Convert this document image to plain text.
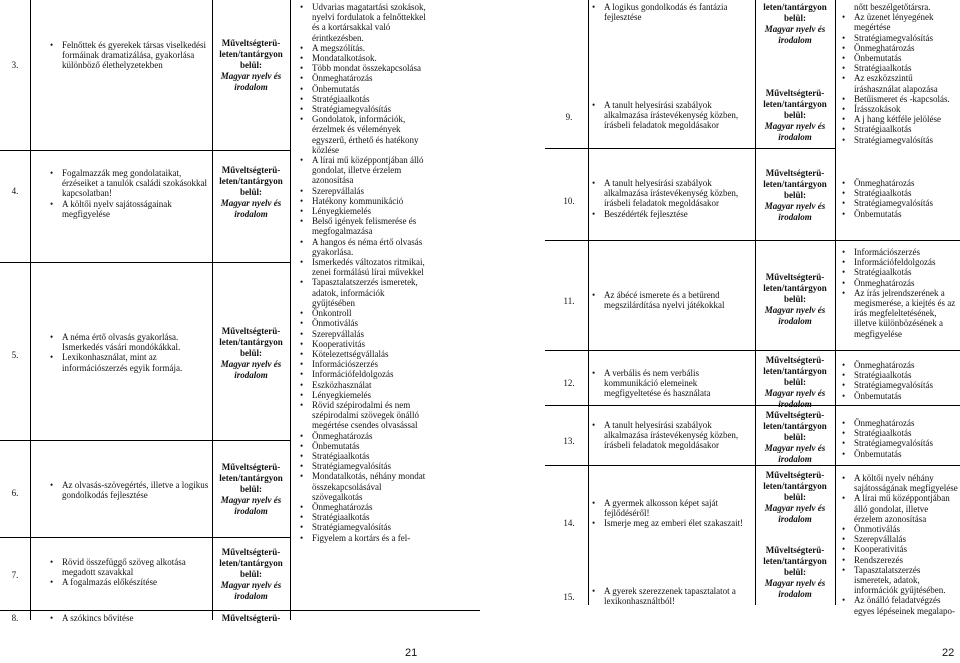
3.
• Felnőttek és gyerekek társas viselkedési formáinak dramatizálása, gyakorlása különböző élethelyzetekben
Műveltségterü-
leten/tantárgyon
belül:
Magyar nyelv és
irodalom
4.
• Fogalmazzák meg gondolataikat, érzéseiket a tanulók családi szokásokkal kapcsolatban!
• A költői nyelv sajátosságainak megfigyelése
Műveltségterü-
leten/tantárgyon
belül:
Magyar nyelv és
irodalom
5.
• A néma értő olvasás gyakorlása. Ismerkedés vásári mondókákkal.
• Lexikonhasználat, mint az információszerzés egyik formája.
Műveltségterü-
leten/tantárgyon
belül:
Magyar nyelv és
irodalom
6.
• Az olvasás-szövegértés, illetve a logikus gondolkodás fejlesztése
Műveltségterü-
leten/tantárgyon
belül:
Magyar nyelv és
irodalom
7.
• Rövid összefüggő szöveg alkotása megadott szavakkal
• A fogalmazás előkészítése
Műveltségterü-
leten/tantárgyon
belül:
Magyar nyelv és
irodalom
8.
•	A szókincs bővítése	Műveltségterü-
• Udvarias magatartási szokások, nyelvi fordulatok a felnőttekkel és a kortársakkal való érintkezésben.
• A megszólítás.
• Mondatalkotások.
• Több mondat összekapcsolása
• Önmeghatározás
• Önbemutatás
• Stratégiaalkotás
• Stratégiamegvalósítás
• Gondolatok, információk, érzelmek és vélemények egyszerű, érthető és hatékony közlése
• A lírai mű középpontjában álló gondolat, illetve érzelem azonosítása
• Szerepvállalás
• Hatékony kommunikáció
• Lényegkiemelés
• Belső igények felismerése és megfogalmazása
• A hangos és néma értő olvasás gyakorlása.
• Ismerkedés változatos ritmikai, zenei formálású lírai művekkel
• Tapasztalatszerzés ismeretek, adatok, információk gyűjtésében
• Önkontroll
• Önmotiválás
• Szerepvállalás
• Kooperativitás
• Kötelezettségvállalás
• Információszerzés
• Információfeldolgozás
• Eszközhasználat
• Lényegkiemelés
• Rövid szépirodalmi és nem szépirodalmi szövegek önálló megértése csendes olvasással
• Önmeghatározás
• Önbemutatás
• Stratégiaalkotás
• Stratégiamegvalósítás
• Mondatalkotás, néhány mondat összekapcsolásával szövegalkotás
• Önmeghatározás
• Stratégiaalkotás
• Stratégiamegvalósítás
• Figyelem a kortárs és a fel-
21
9.
• A logikus gondolkodás és fantázia fejlesztése
• A tanult helyesírási szabályok alkalmazása írástevékenység közben, írásbeli feladatok megoldásakor
leten/tantárgyon
belül:
Magyar nyelv és
irodalom
Műveltségterü-
leten/tantárgyon
belül:
Magyar nyelv és
irodalom
nőtt beszélgetőtársra.
• Az üzenet lényegének megértése
• Stratégiamegvalósítás
• Önmeghatározás
• Önbemutatás
• Stratégiaalkotás
• Az eszközszintű íráshasználat alapozása
• Betűismeret és -kapcsolás.
• Írásszokások
• A j hang kétféle jelölése
• Stratégiaalkotás
• Stratégiamegvalósítás
10.
• A tanult helyesírási szabályok alkalmazása írástevékenység közben, írásbeli feladatok megoldásakor
• Beszédérték fejlesztése
Műveltségterü-
leten/tantárgyon
belül:
Magyar nyelv és
irodalom
• Önmeghatározás
• Stratégiaalkotás
• Stratégiamegvalósítás
• Önbemutatás
11.
• Az ábécé ismerete és a betűrend megszilárdítása nyelvi játékokkal
Műveltségterü-
leten/tantárgyon
belül:
Magyar nyelv és
irodalom
• Információszerzés
• Információfeldolgozás
• Stratégiaalkotás
• Önmeghatározás
• Az írás jelrendszerének a megismerése, a kiejtés és az írás megfeleltetésének, illetve különbözésének a megfigyelése
12.
• A verbális és nem verbális kommunikáció elemeinek megfigyeltetése és használata
Műveltségterü-
leten/tantárgyon
belül:
Magyar nyelv és
irodalom
• Önmeghatározás
• Stratégiaalkotás
• Stratégiamegvalósítás
• Önbemutatás
13.
• A tanult helyesírási szabályok alkalmazása írástevékenység közben, írásbeli feladatok megoldásakor
Műveltségterü-
leten/tantárgyon
belül:
Magyar nyelv és
irodalom
• Önmeghatározás
• Stratégiaalkotás
• Stratégiamegvalósítás
• Önbemutatás
14.
• A gyermek alkosson képet saját fejlődéséről!
• Ismerje meg az emberi élet szakaszait!
Műveltségterü-
leten/tantárgyon
belül:
Magyar nyelv és
irodalom
• A költői nyelv néhány sajátosságának megfigyelése
• A lírai mű középpontjában álló gondolat, illetve érzelem azonosítása
• Önmotiválás
• Szerepvállalás
• Kooperativitás
• Rendszerezés
• Tapasztalatszerzés ismeretek, adatok, információk gyűjtésében.
• Az önálló feladatvégzés egyes lépéseinek megalapo-
15.
• A gyerek szerezzenek tapasztalatot a lexikonhasználtból!
Műveltségterü-
leten/tantárgyon
belül:
Magyar nyelv és
irodalom
22
